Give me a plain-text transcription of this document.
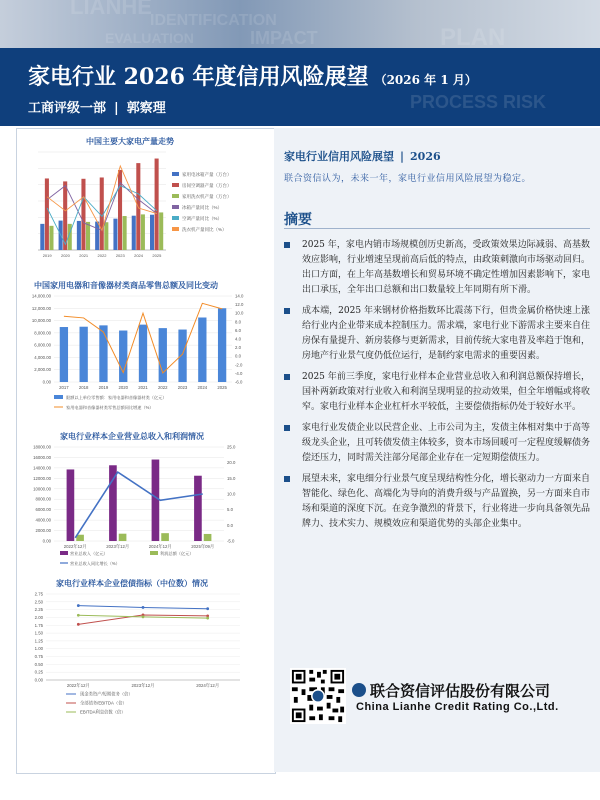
LIANHE
IDENTIFICATION
EVALUATION	IMPACT	PLAN
PROCESS RISK
家电行业 2026 年度信用风险展望 （2026 年 1 月）
工商评级一部 | 郭察理
中国主要大家电产量走势
2019 2020 2021 2022 2023 2024 2025
家用电冰箱产量（万台）
房间空调器产量（万台）
家用洗衣机产量（万台）
冰箱产量同比（%）
空调产量同比（%）
洗衣机产量同比（%）
中国家用电器和音像器材类商品零售总额及同比变动
14,000.00
12,000.00
10,000.00
8,000.00
6,000.00
4,000.00
2,000.00
0.00
14.0
12.0
10.0
8.0
6.0
4.0
2.0
0.0
-2.0
-4.0
-6.0
2017 2018 2019 2020 2021 2022 2023 2024 2025
限额以上单位零售额：家用电器和音像器材类（亿元）
家用电器和音像器材类零售总额同比增速（%）
家电行业样本企业营业总收入和利润情况
18000.00
16000.00
14000.00
12000.00
10000.00
8000.00
6000.00
4000.00
2000.00
0.00
25.0
20.0
15.0
10.0
5.0
0.0
-5.0
2022年12月	2023年12月	2024年12月	2025年09月
营业总收入（亿元）	利润总额（亿元）
营业总收入同比增长（%）
家电行业样本企业偿债指标（中位数）情况
2.75
2.50
2.25
2.00
1.75
1.50
1.25
1.00
0.75
0.50
0.25
0.00
2022年12月	2023年12月	2024年12月
现金类资产/短期债务（倍）
全部债务/EBITDA（倍）
EBITDA利息倍数（倍）
家电行业信用风险展望 | 2026
联合资信认为，未来一年，家电行业信用风险展望为稳定。
摘要
2025 年，家电内销市场规模创历史新高，受政策效果边际减弱、高基数效应影响，行业增速呈现前高后低的特点，由政策刺激向市场驱动回归。出口方面，在上年高基数增长和贸易环境不确定性增加因素影响下，家电出口承压，全年出口总额和出口数量较上年同期有所下滑。
成本端，2025 年来钢材价格指数环比震荡下行，但贵金属价格快速上涨给行业内企业带来成本控制压力。需求端，家电行业下游需求主要来自住房保有量提升、新房装修与更新需求，目前传统大家电普及率趋于饱和，房地产行业景气度仍低位运行，是制约家电需求的重要因素。
2025 年前三季度，家电行业样本企业营业总收入和利润总额保持增长，国补两新政策对行业收入和利润呈现明显的拉动效果，但全年增幅或将收窄。家电行业样本企业杠杆水平较低，主要偿债指标仍处于较好水平。
家电行业发债企业以民营企业、上市公司为主，发债主体相对集中于高等级龙头企业，且可转债发债主体较多，资本市场回暖可一定程度缓解债务偿还压力，同时需关注部分尾部企业存在一定短期偿债压力。
展望未来，家电细分行业景气度呈现结构性分化，增长驱动力一方面来自智能化、绿色化、高端化为导向的消费升级与产品置换，另一方面来自市场和渠道的深度下沉。在竞争激烈的背景下，行业将进一步向具备领先品牌力、技术实力、规模效应和渠道优势的头部企业集中。
联合资信评估股份有限公司
China Lianhe Credit Rating Co.,Ltd.
